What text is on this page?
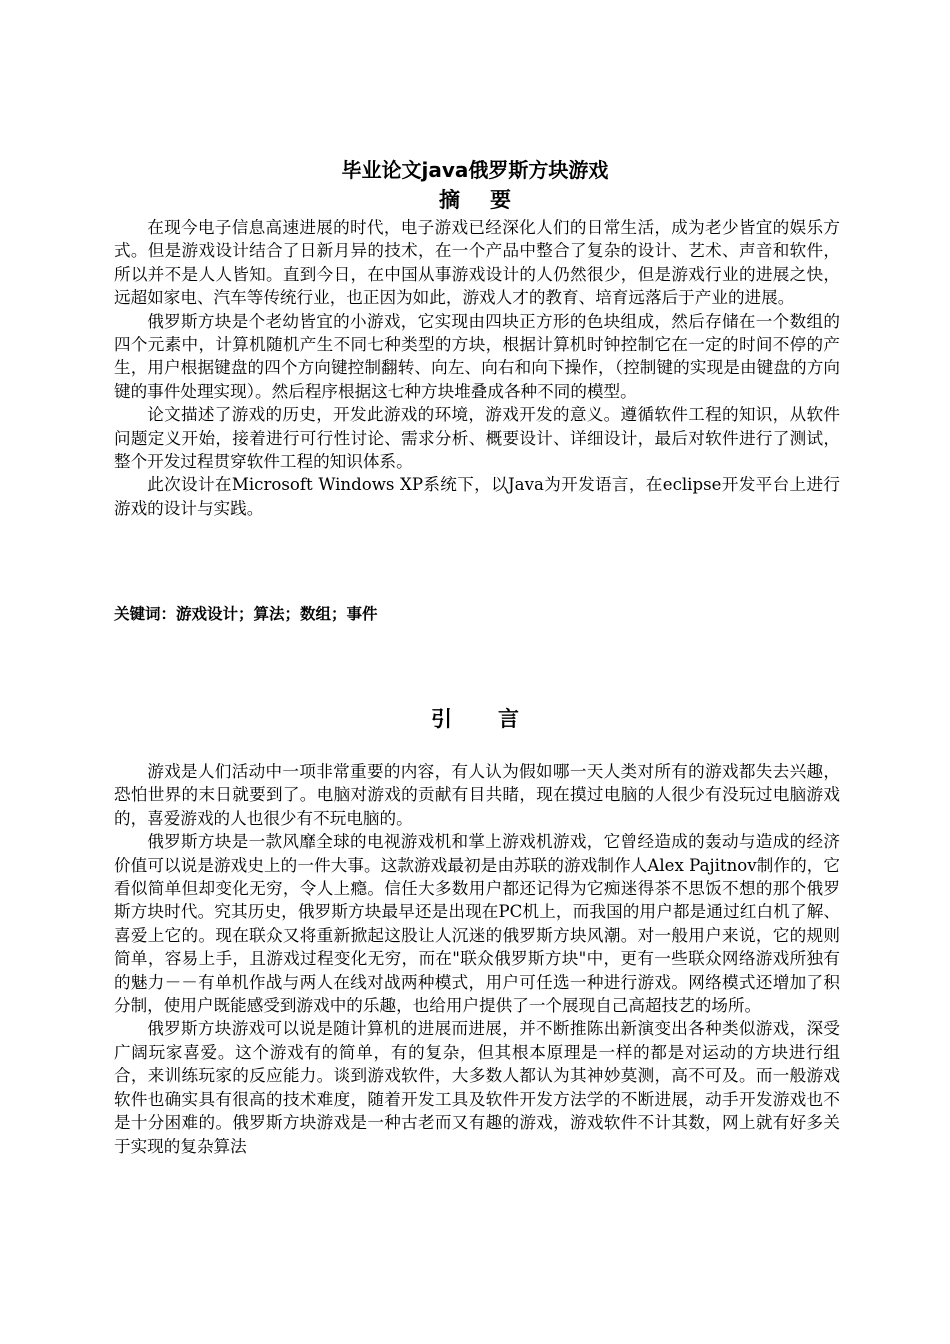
毕业论文java俄罗斯方块游戏
摘要

在现今电子信息高速进展的时代，电子游戏已经深化人们的日常生活，成为老少皆宜的娱乐方式。但是游戏设计结合了日新月异的技术，在一个产品中整合了复杂的设计、艺术、声音和软件，所以并不是人人皆知。直到今日，在中国从事游戏设计的人仍然很少，但是游戏行业的进展之快，远超如家电、汽车等传统行业，也正因为如此，游戏人才的教育、培育远落后于产业的进展。

俄罗斯方块是个老幼皆宜的小游戏，它实现由四块正方形的色块组成，然后存储在一个数组的四个元素中，计算机随机产生不同七种类型的方块，根据计算机时钟控制它在一定的时间不停的产生，用户根据键盘的四个方向键控制翻转、向左、向右和向下操作，（控制键的实现是由键盘的方向键的事件处理实现）。然后程序根据这七种方块堆叠成各种不同的模型。

论文描述了游戏的历史，开发此游戏的环境，游戏开发的意义。遵循软件工程的知识，从软件问题定义开始，接着进行可行性讨论、需求分析、概要设计、详细设计，最后对软件进行了测试，整个开发过程贯穿软件工程的知识体系。

此次设计在Microsoft Windows XP系统下，以Java为开发语言，在eclipse开发平台上进行游戏的设计与实践。

关键词：游戏设计；算法；数组；事件
引言

游戏是人们活动中一项非常重要的内容，有人认为假如哪一天人类对所有的游戏都失去兴趣，恐怕世界的末日就要到了。电脑对游戏的贡献有目共睹，现在摸过电脑的人很少有没玩过电脑游戏的，喜爱游戏的人也很少有不玩电脑的。

俄罗斯方块是一款风靡全球的电视游戏机和掌上游戏机游戏，它曾经造成的轰动与造成的经济价值可以说是游戏史上的一件大事。这款游戏最初是由苏联的游戏制作人Alex Pajitnov制作的，它看似简单但却变化无穷，令人上瘾。信任大多数用户都还记得为它痴迷得茶不思饭不想的那个俄罗斯方块时代。究其历史，俄罗斯方块最早还是出现在PC机上，而我国的用户都是通过红白机了解、喜爱上它的。现在联众又将重新掀起这股让人沉迷的俄罗斯方块风潮。对一般用户来说，它的规则简单，容易上手，且游戏过程变化无穷，而在"联众俄罗斯方块"中，更有一些联众网络游戏所独有的魅力－－有单机作战与两人在线对战两种模式，用户可任选一种进行游戏。网络模式还增加了积分制，使用户既能感受到游戏中的乐趣，也给用户提供了一个展现自己高超技艺的场所。

俄罗斯方块游戏可以说是随计算机的进展而进展，并不断推陈出新演变出各种类似游戏，深受广阔玩家喜爱。这个游戏有的简单，有的复杂，但其根本原理是一样的都是对运动的方块进行组合，来训练玩家的反应能力。谈到游戏软件，大多数人都认为其神妙莫测，高不可及。而一般游戏软件也确实具有很高的技术难度，随着开发工具及软件开发方法学的不断进展，动手开发游戏也不是十分困难的。俄罗斯方块游戏是一种古老而又有趣的游戏，游戏软件不计其数，网上就有好多关于实现的复杂算法
